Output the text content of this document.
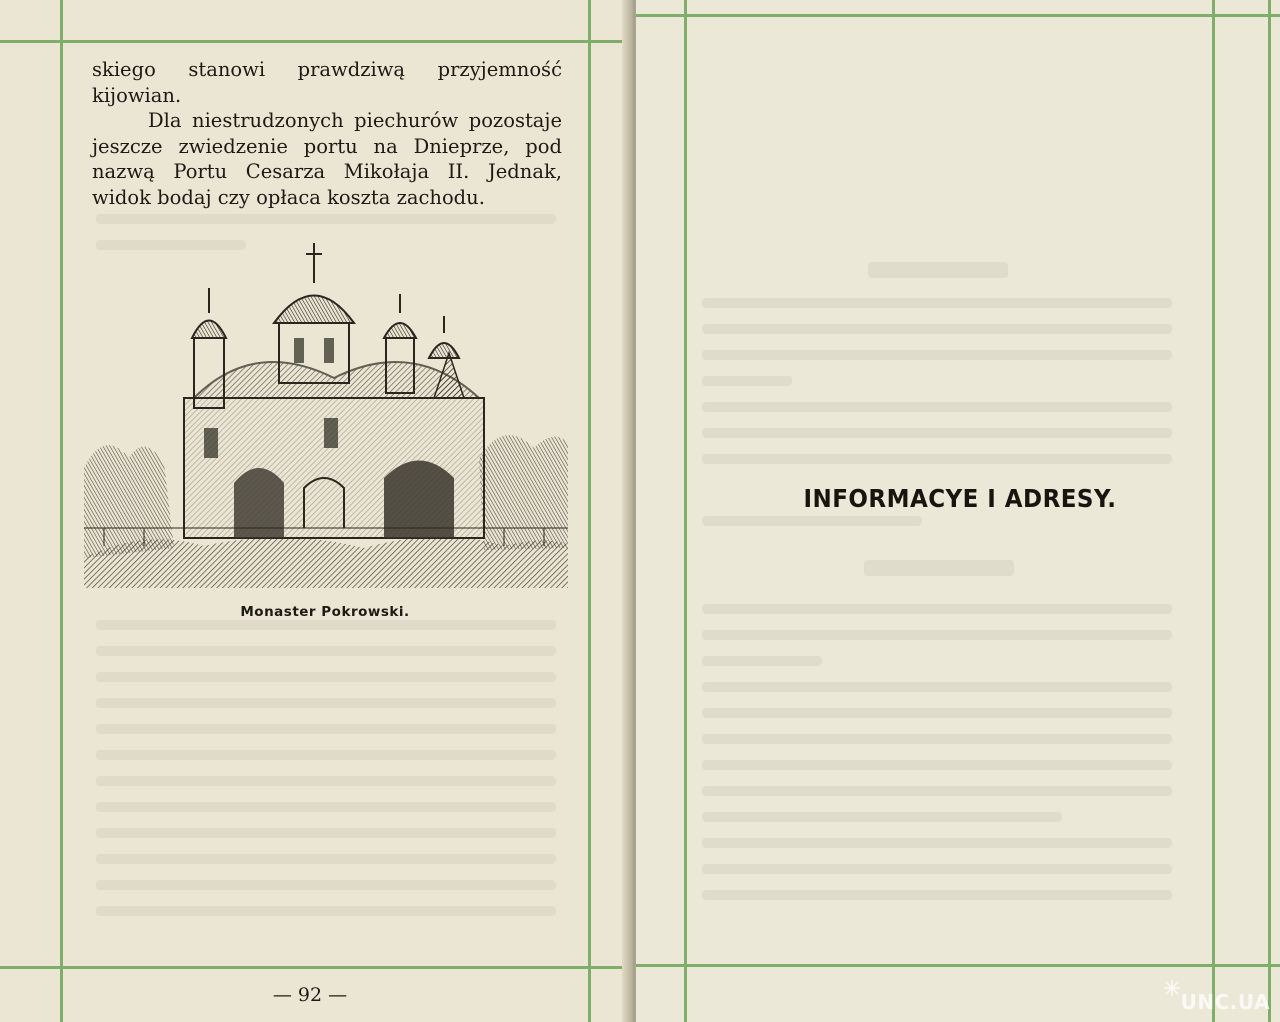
skiego stanowi prawdziwą przyjemność kijowian.

Dla niestrudzonych piechurów pozostaje jeszcze zwiedzenie portu na Dnieprze, pod nazwą Portu Cesarza Mikołaja II. Jednak, widok bodaj czy opłaca koszta zachodu.

Monaster Pokrowski.
— 92 —
INFORMACYE I ADRESY.
UNC.UA
